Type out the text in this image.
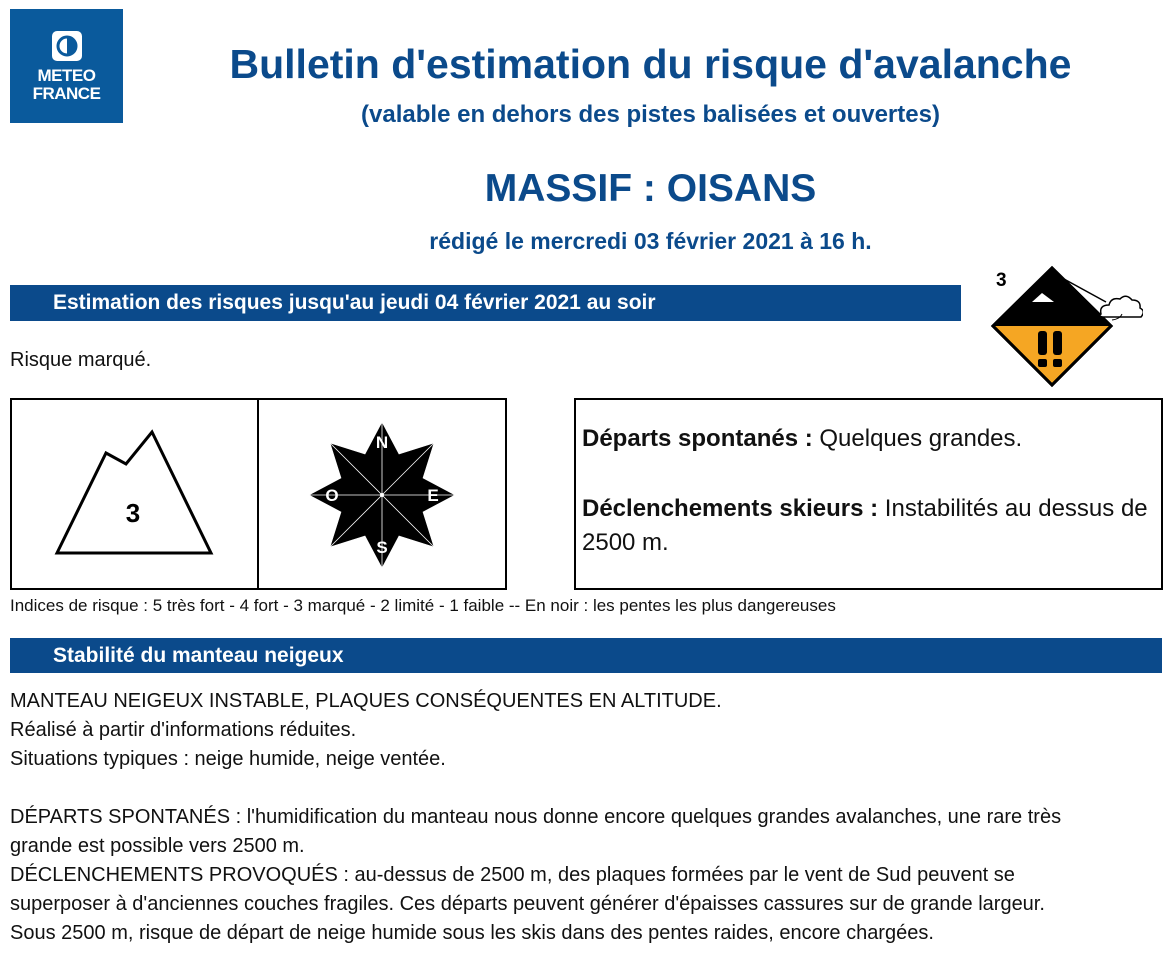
METEO
FRANCE
Bulletin d'estimation du risque d'avalanche
(valable en dehors des pistes balisées et ouvertes)
MASSIF : OISANS
rédigé le mercredi 03 février 2021 à 16 h.
Estimation des risques jusqu'au jeudi 04 février 2021 au soir
3
Risque marqué.
3
N
E
S
O

Départs spontanés : Quelques grandes.

Déclenchements skieurs : Instabilités au dessus de 2500 m.

Indices de risque : 5 très fort - 4 fort - 3 marqué - 2 limité - 1 faible -- En noir : les pentes les plus dangereuses
Stabilité du manteau neigeux
MANTEAU NEIGEUX INSTABLE, PLAQUES CONSÉQUENTES EN ALTITUDE.
Réalisé à partir d'informations réduites.
Situations typiques : neige humide, neige ventée.
DÉPARTS SPONTANÉS : l'humidification du manteau nous donne encore quelques grandes avalanches, une rare très
grande est possible vers 2500 m.
DÉCLENCHEMENTS PROVOQUÉS : au-dessus de 2500 m, des plaques formées par le vent de Sud peuvent se
superposer à d'anciennes couches fragiles. Ces départs peuvent générer d'épaisses cassures sur de grande largeur.
Sous 2500 m, risque de départ de neige humide sous les skis dans des pentes raides, encore chargées.
